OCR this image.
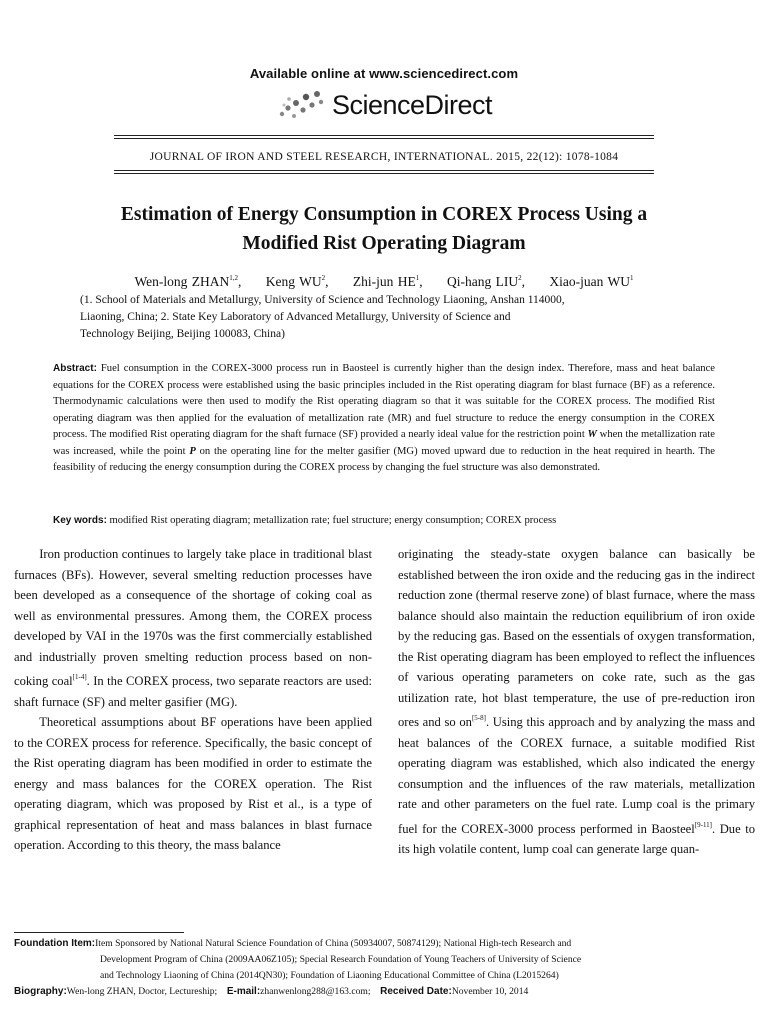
Available online at www.sciencedirect.com
ScienceDirect
JOURNAL OF IRON AND STEEL RESEARCH, INTERNATIONAL. 2015, 22(12): 1078-1084
Estimation of Energy Consumption in COREX Process Using a
Modified Rist Operating Diagram
Wen-long ZHAN$^{1,2}$, Keng $WU^2$, Zhi-jun $HE^1$, Qi-hang LIU$^2$, Xiao-juan $WU^1$
(1. School of Materials and Metallurgy, University of Science and Technology Liaoning, Anshan 114000,
Liaoning, China; 2. State Key Laboratory of Advanced Metallurgy, University of Science and
Technology Beijing, Beijing 100083, China)
Abstract: Fuel consumption in the COREX-3000 process run in Baosteel is currently higher than the design index. Therefore, mass and heat balance equations for the COREX process were established using the basic principles included in the Rist operating diagram for blast furnace (BF) as a reference. Thermodynamic calculations were then used to modify the Rist operating diagram so that it was suitable for the COREX process. The modified Rist operating diagram was then applied for the evaluation of metallization rate (MR) and fuel structure to reduce the energy consumption in the COREX process. The modified Rist operating diagram for the shaft furnace (SF) provided a nearly ideal value for the restriction point W when the metallization rate was increased, while the point P on the operating line for the melter gasifier (MG) moved upward due to reduction in the heat required in hearth. The feasibility of reducing the energy consumption during the COREX process by changing the fuel structure was also demonstrated.
Key words: modified Rist operating diagram; metallization rate; fuel structure; energy consumption; COREX process

Iron production continues to largely take place in traditional blast furnaces (BFs). However, several smelting reduction processes have been developed as a consequence of the shortage of coking coal as well as environmental pressures. Among them, the COREX process developed by VAI in the 1970s was the first commercially established and industrially proven smelting reduction process based on non-coking coal[1-4]. In the COREX process, two separate reactors are used: shaft furnace (SF) and melter gasifier (MG).

Theoretical assumptions about BF operations have been applied to the COREX process for reference. Specifically, the basic concept of the Rist operating diagram has been modified in order to estimate the energy and mass balances for the COREX operation. The Rist operating diagram, which was proposed by Rist et al., is a type of graphical representation of heat and mass balances in blast furnace operation. According to this theory, the mass balance

originating the steady-state oxygen balance can basically be established between the iron oxide and the reducing gas in the indirect reduction zone (thermal reserve zone) of blast furnace, where the mass balance should also maintain the reduction equilibrium of iron oxide by the reducing gas. Based on the essentials of oxygen transformation, the Rist operating diagram has been employed to reflect the influences of various operating parameters on coke rate, such as the gas utilization rate, hot blast temperature, the use of pre-reduction iron ores and so on[5-8]. Using this approach and by analyzing the mass and heat balances of the COREX furnace, a suitable modified Rist operating diagram was established, which also indicated the energy consumption and the influences of the raw materials, metallization rate and other parameters on the fuel rate. Lump coal is the primary fuel for the COREX-3000 process performed in Baosteel[9-11]. Due to its high volatile content, lump coal can generate large quan-

Foundation Item:Item Sponsored by National Natural Science Foundation of China (50934007, 50874129); National High-tech Research and
Development Program of China (2009AA06Z105); Special Research Foundation of Young Teachers of University of Science
and Technology Liaoning of China (2014QN30); Foundation of Liaoning Educational Committee of China (L2015264)
Biography:Wen-long ZHAN, Doctor, Lectureship; E-mail:zhanwenlong288@163.com; Received Date:November 10, 2014
